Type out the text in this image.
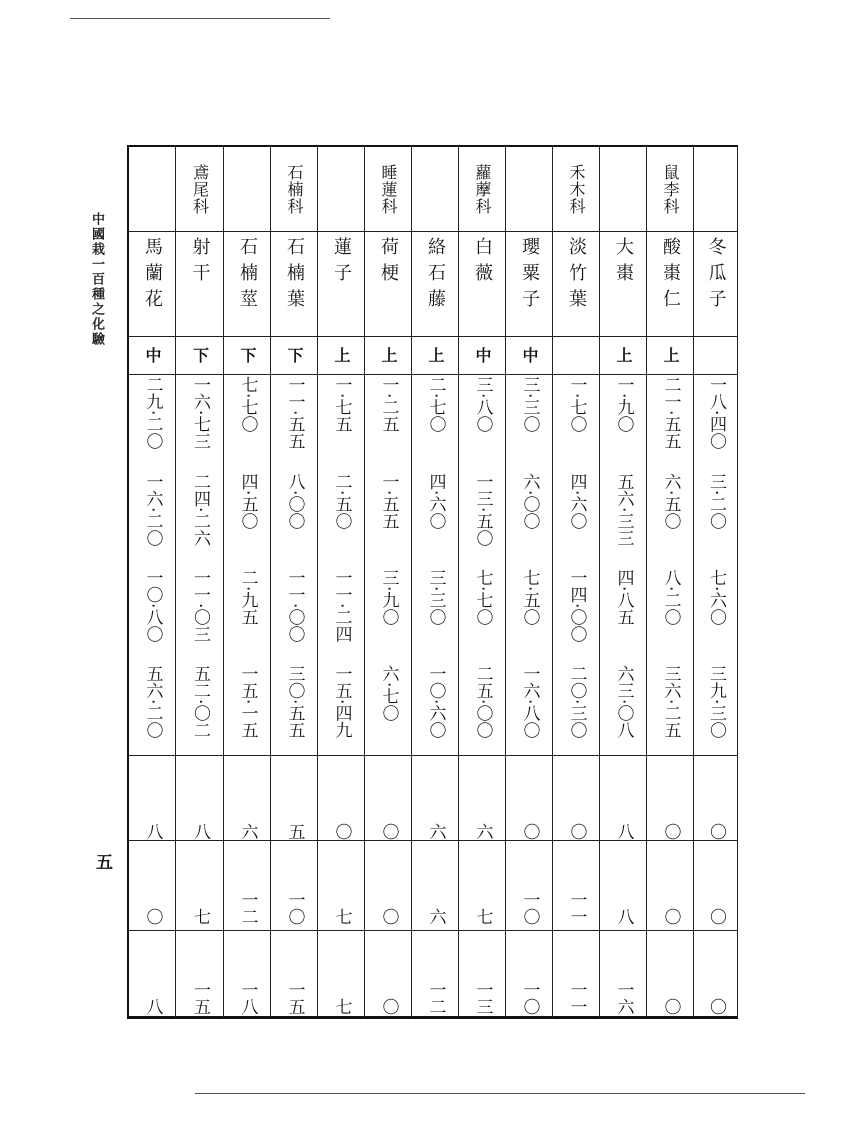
中國栽一百種之化驗
五
馬蘭花
中
二九·二〇
一六·二〇
一〇·八〇
五六·二〇
八
〇
八
鳶尾科
射干
下
一六·七三
二四·二六
一一·〇三
五二·〇二
八
七
一五
石楠莖
下
七·七〇
四·五〇
二·九五
一五·一五
六
一二
一八
石楠科
石楠葉
下
一一·五五
八·〇〇
一一·〇〇
三〇·五五
五
一〇
一五
蓮子
上
一·七五
二·五〇
一一·二四
一五·四九
〇
七
七
睡蓮科
荷梗
上
一·二五
一·五五
三·九〇
六·七〇
〇
〇
〇
絡石藤
上
二·七〇
四·六〇
三·三〇
一〇·六〇
六
六
一二
蘿藦科
白薇
中
三·八〇
一三·五〇
七·七〇
二五·〇〇
六
七
一三
瓔粟子
中
三·三〇
六·〇〇
七·五〇
一六·八〇
〇
一〇
一〇
禾木科
淡竹葉
一·七〇
四·六〇
一四·〇〇
二〇·三〇
〇
一一
一一
大棗
上
一·九〇
五六·三三
四·八五
六三·〇八
八
八
一六
鼠李科
酸棗仁
上
二一·五五
六·五〇
八·二〇
三六·二五
〇
〇
〇
冬瓜子
一八·四〇
三·二〇
七·六〇
三九·三〇
〇
〇
〇
